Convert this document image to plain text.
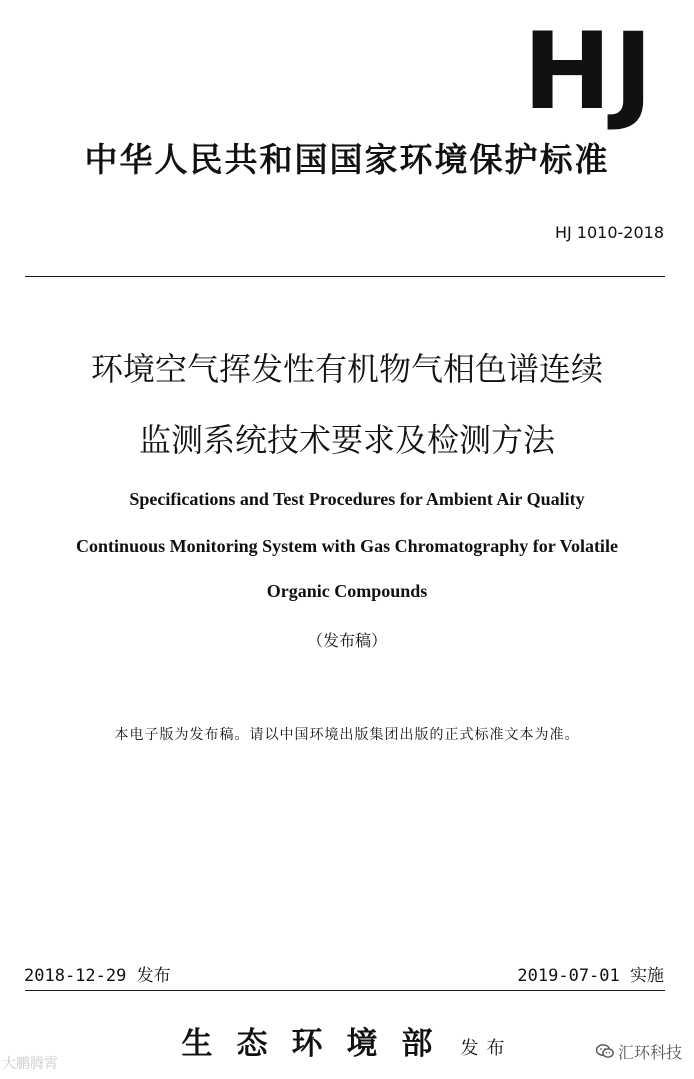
HJ
中华人民共和国国家环境保护标准
HJ 1010-2018
环境空气挥发性有机物气相色谱连续
监测系统技术要求及检测方法
Specifications and Test Procedures for Ambient Air Quality
Continuous Monitoring System with Gas Chromatography for Volatile
Organic Compounds
（发布稿）
本电子版为发布稿。请以中国环境出版集团出版的正式标准文本为准。
2018-12-29 发布	2019-07-01 实施
生态环境部 发布
大鹏腾霄
汇环科技
